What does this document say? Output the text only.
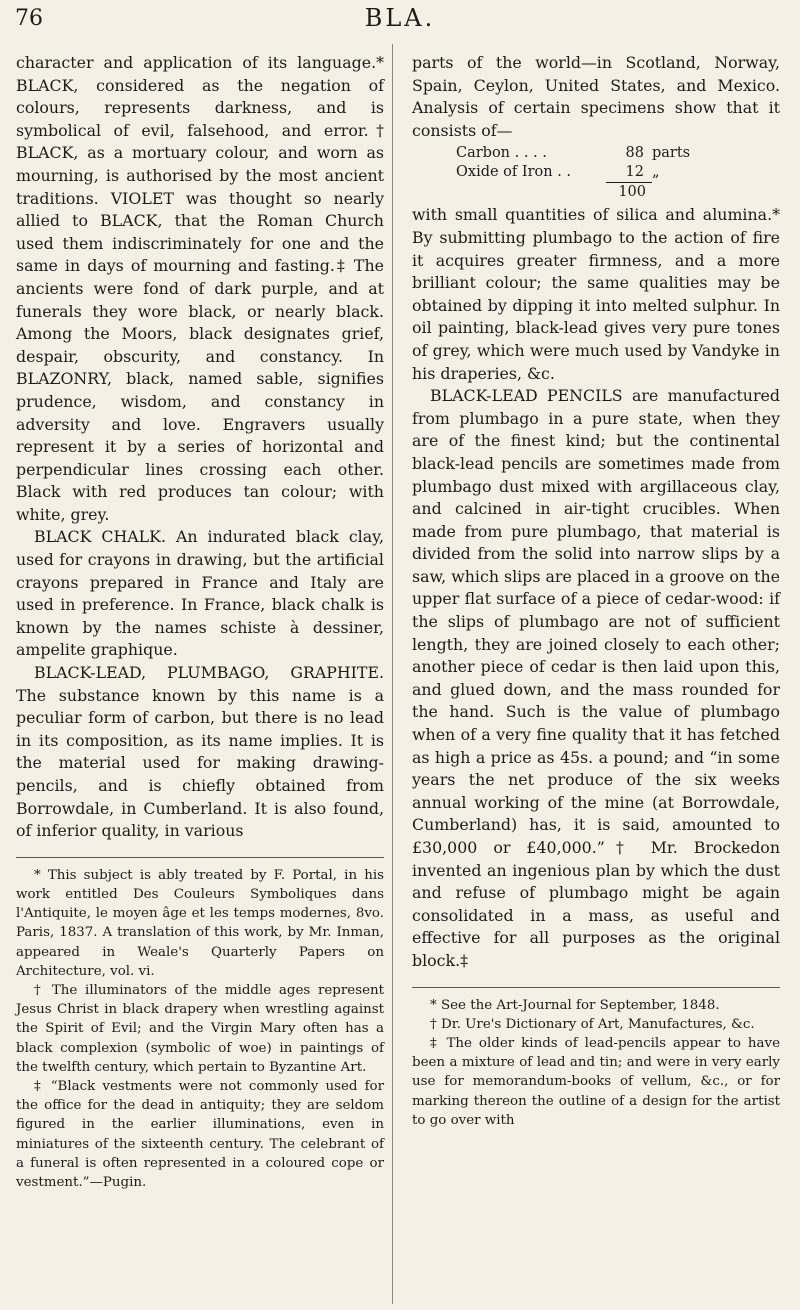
76	BLA.

character and application of its language.* BLACK, considered as the negation of colours, represents darkness, and is symbolical of evil, falsehood, and error.† BLACK, as a mortuary colour, and worn as mourning, is authorised by the most ancient traditions. VIOLET was thought so nearly allied to BLACK, that the Roman Church used them indiscriminately for one and the same in days of mourning and fasting.‡ The ancients were fond of dark purple, and at funerals they wore black, or nearly black. Among the Moors, black designates grief, despair, obscurity, and constancy. In BLAZONRY, black, named sable, signifies prudence, wisdom, and constancy in adversity and love. Engravers usually represent it by a series of horizontal and perpendicular lines crossing each other. Black with red produces tan colour; with white, grey.

BLACK CHALK. An indurated black clay, used for crayons in drawing, but the artificial crayons prepared in France and Italy are used in preference. In France, black chalk is known by the names schiste à dessiner, ampelite graphique.

BLACK-LEAD, PLUMBAGO, GRAPHITE. The substance known by this name is a peculiar form of carbon, but there is no lead in its composition, as its name implies. It is the material used for making drawing-pencils, and is chiefly obtained from Borrowdale, in Cumberland. It is also found, of inferior quality, in various

* This subject is ably treated by F. Portal, in his work entitled Des Couleurs Symboliques dans l'Antiquite, le moyen âge et les temps modernes, 8vo. Paris, 1837. A translation of this work, by Mr. Inman, appeared in Weale's Quarterly Papers on Architecture, vol. vi.

† The illuminators of the middle ages represent Jesus Christ in black drapery when wrestling against the Spirit of Evil; and the Virgin Mary often has a black complexion (symbolic of woe) in paintings of the twelfth century, which pertain to Byzantine Art.

‡ “Black vestments were not commonly used for the office for the dead in antiquity; they are seldom figured in the earlier illuminations, even in miniatures of the sixteenth century. The celebrant of a funeral is often represented in a coloured cope or vestment.”—Pugin.

parts of the world—in Scotland, Norway, Spain, Ceylon, United States, and Mexico. Analysis of certain specimens show that it consists of—

Carbon . . . .	88 parts
Oxide of Iron . .	12 „
100

with small quantities of silica and alumina.* By submitting plumbago to the action of fire it acquires greater firmness, and a more brilliant colour; the same qualities may be obtained by dipping it into melted sulphur. In oil painting, black-lead gives very pure tones of grey, which were much used by Vandyke in his draperies, &c.

BLACK-LEAD PENCILS are manufactured from plumbago in a pure state, when they are of the finest kind; but the continental black-lead pencils are sometimes made from plumbago dust mixed with argillaceous clay, and calcined in air-tight crucibles. When made from pure plumbago, that material is divided from the solid into narrow slips by a saw, which slips are placed in a groove on the upper flat surface of a piece of cedar-wood: if the slips of plumbago are not of sufficient length, they are joined closely to each other; another piece of cedar is then laid upon this, and glued down, and the mass rounded for the hand. Such is the value of plumbago when of a very fine quality that it has fetched as high a price as 45s. a pound; and “in some years the net produce of the six weeks annual working of the mine (at Borrowdale, Cumberland) has, it is said, amounted to £30,000 or £40,000.”† Mr. Brockedon invented an ingenious plan by which the dust and refuse of plumbago might be again consolidated in a mass, as useful and effective for all purposes as the original block.‡

* See the Art-Journal for September, 1848.

† Dr. Ure's Dictionary of Art, Manufactures, &c.

‡ The older kinds of lead-pencils appear to have been a mixture of lead and tin; and were in very early use for memorandum-books of vellum, &c., or for marking thereon the outline of a design for the artist to go over with
